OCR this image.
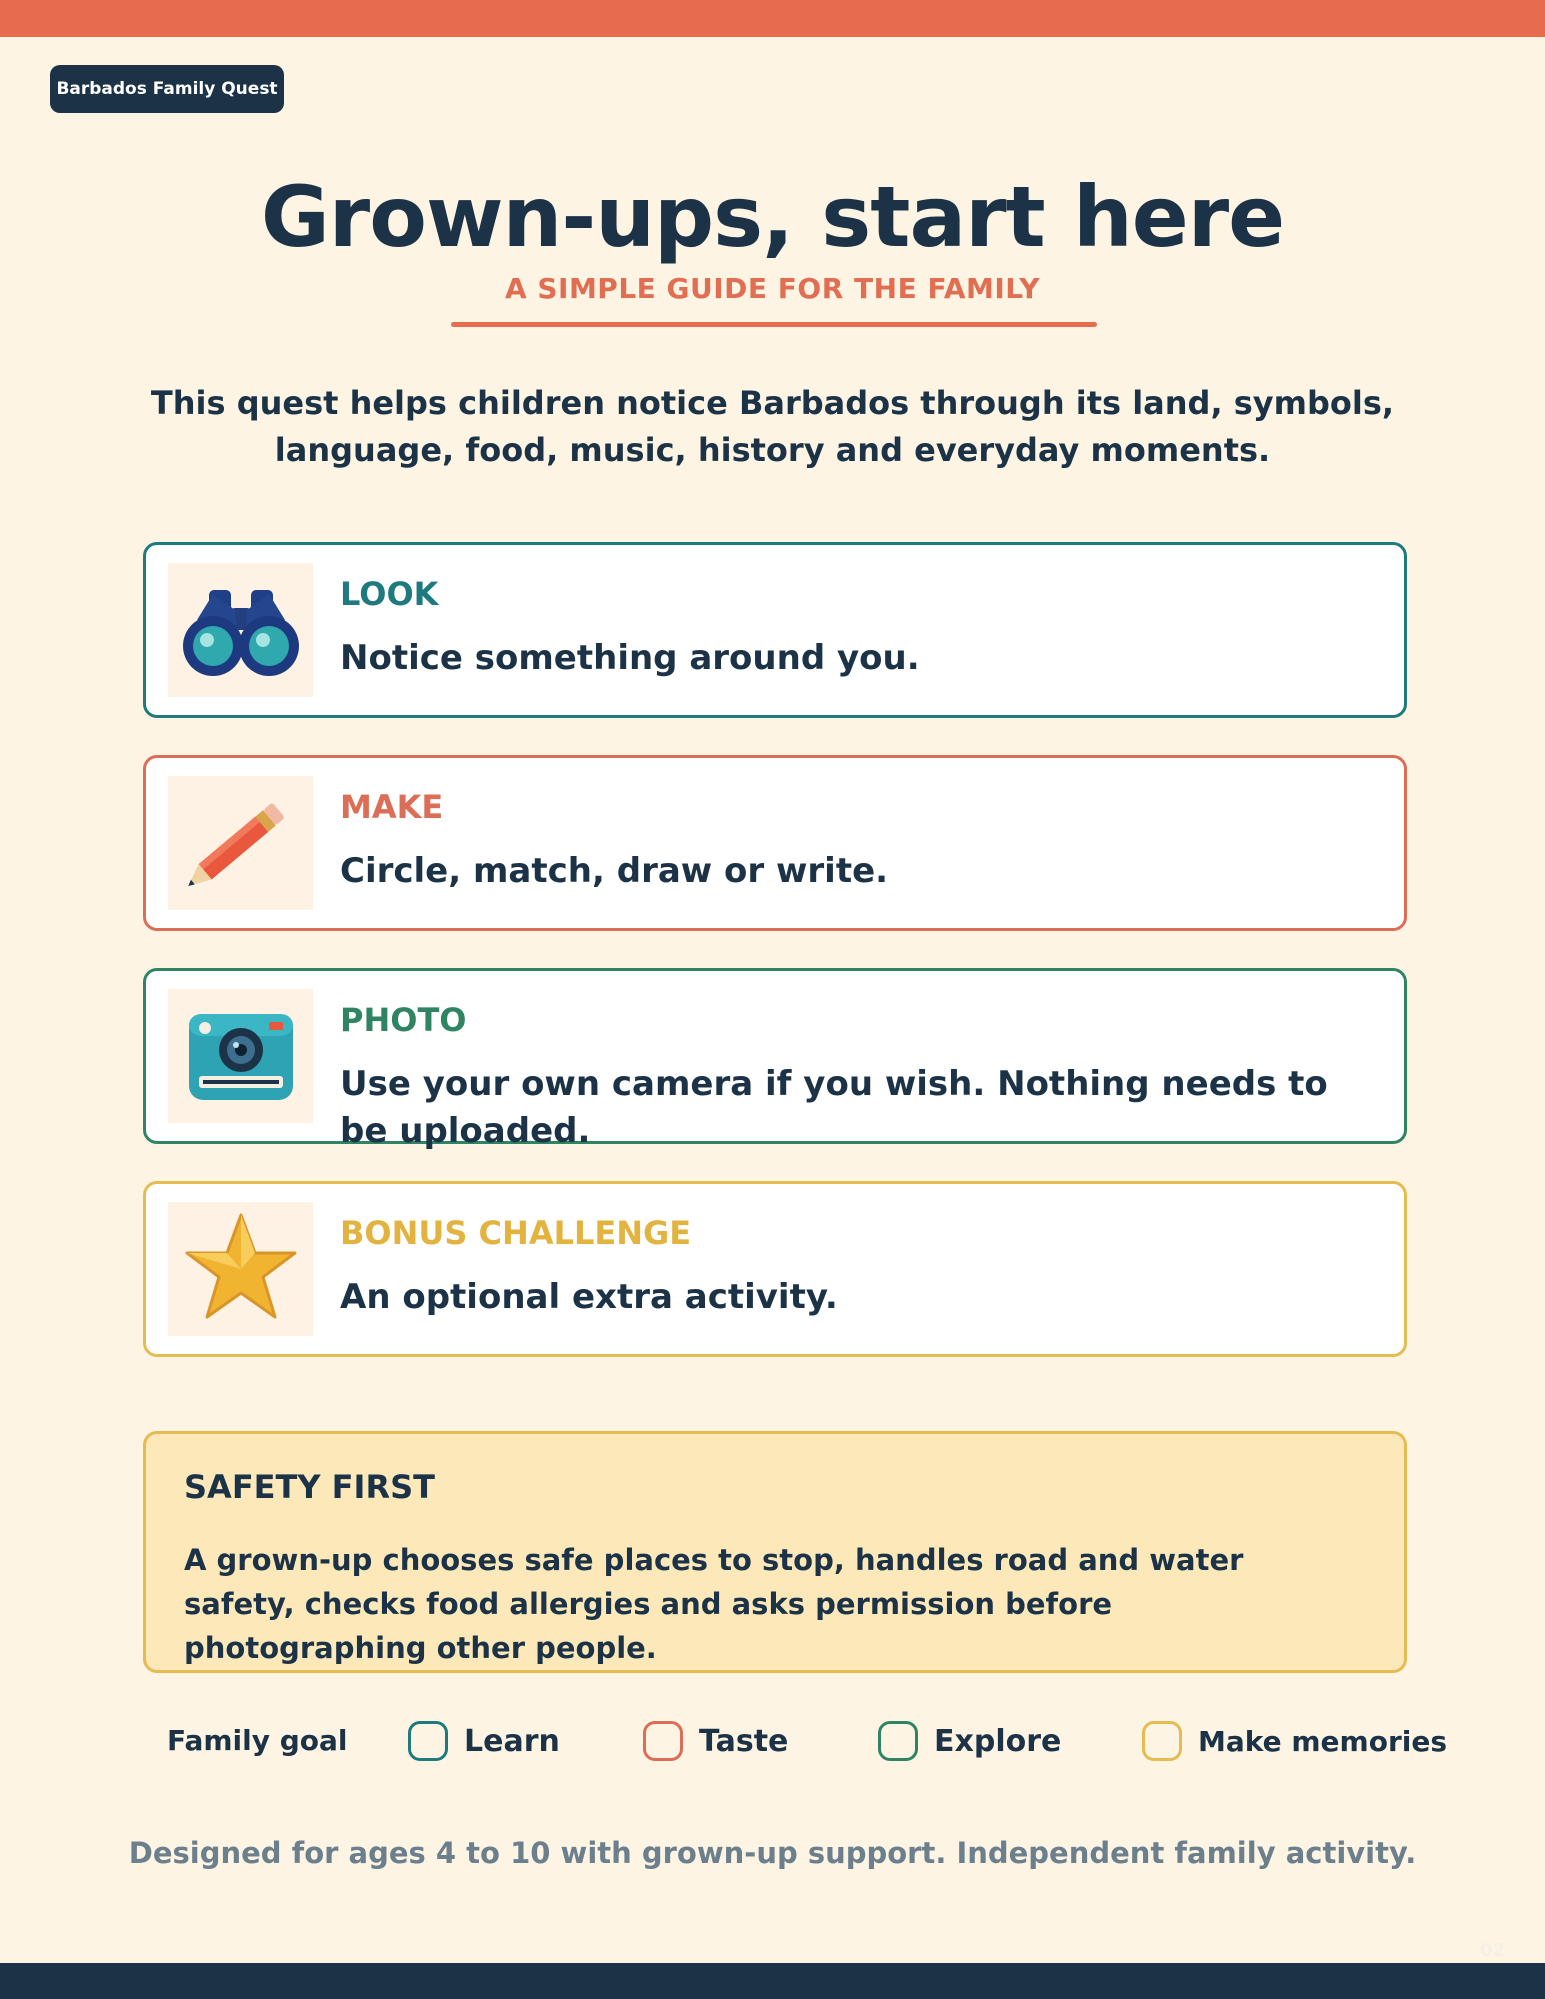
Barbados Family Quest
Grown-ups, start here
A SIMPLE GUIDE FOR THE FAMILY

This quest helps children notice Barbados through its land, symbols, language, food, music, history and everyday moments.

LOOK
Notice something around you.
MAKE
Circle, match, draw or write.
PHOTO
Use your own camera if you wish. Nothing needs to be uploaded.
BONUS CHALLENGE
An optional extra activity.
SAFETY FIRST
A grown-up chooses safe places to stop, handles road and water safety, checks food allergies and asks permission before photographing other people.
Family goal	Learn	Taste	Explore	Make memories
Designed for ages 4 to 10 with grown-up support. Independent family activity.
02
